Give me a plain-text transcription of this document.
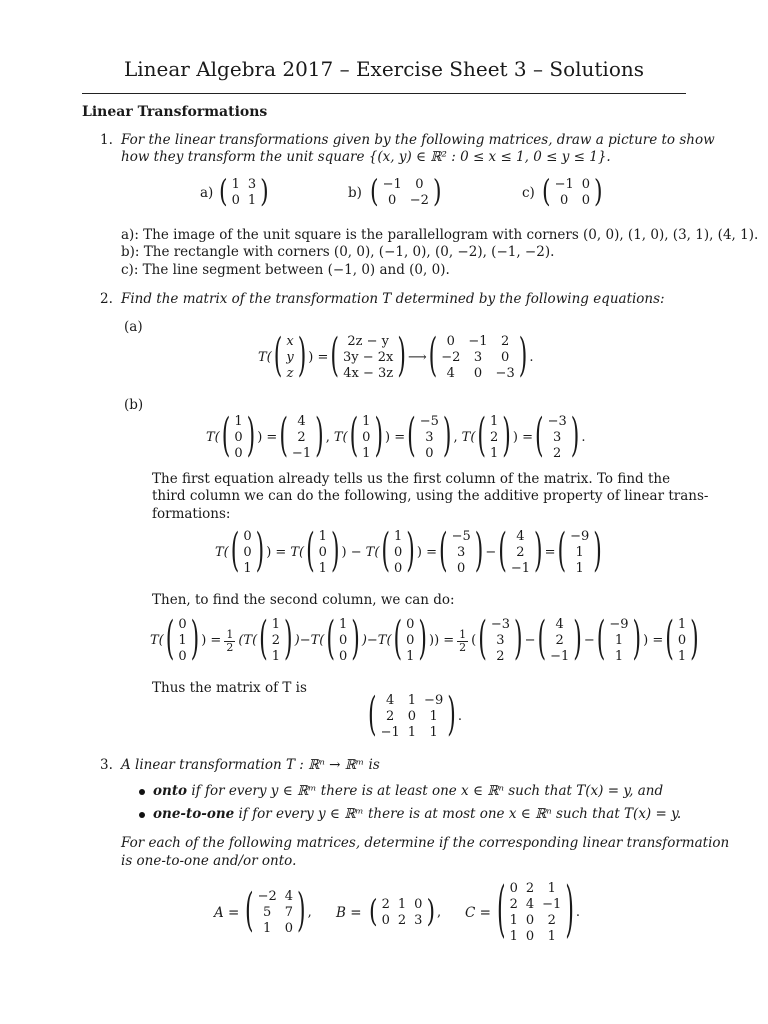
Linear Algebra 2017 – Exercise Sheet 3 – Solutions
Linear Transformations
1. For the linear transformations given by the following matrices, draw a picture to show
how they transform the unit square {(x, y) ∈ ℝ² : 0 ≤ x ≤ 1, 0 ≤ y ≤ 1}.
a)	b)	c)
a): The image of the unit square is the parallellogram with corners (0, 0), (1, 0), (3, 1), (4, 1).
b): The rectangle with corners (0, 0), (−1, 0), (0, −2), (−1, −2).
c): The line segment between (−1, 0) and (0, 0).
2. Find the matrix of the transformation T determined by the following equations:
(a)
(b)
The first equation already tells us the first column of the matrix. To find the
third column we can do the following, using the additive property of linear trans-
formations:
Then, to find the second column, we can do:
Thus the matrix of T is
3. A linear transformation T : ℝⁿ → ℝᵐ is
onto if for every y ∈ ℝᵐ there is at least one x ∈ ℝⁿ such that T(x) = y, and
one-to-one if for every y ∈ ℝᵐ there is at most one x ∈ ℝⁿ such that T(x) = y.
For each of the following matrices, determine if the corresponding linear transformation
is one-to-one and/or onto.
A =	B =	C =
( 1	3
0	1 )	( −1	0
0	−2 )	( −1	0
0	0 )
T( ( x
y
z ) ) = ( 2z − y
3y − 2x
4x − 3z ) ⟶ ( 0	−1	2
−2	3	0
4	0	−3 ) .
T( ( 1
0
0 ) ) = ( 4
2
−1 ) , T( ( 1
0
1 ) ) = ( −5
3
0 ) , T( ( 1
2
1 ) ) = ( −3
3
2 ) .
T( ( 0
0
1 ) ) = T( ( 1
0
1 ) ) − T( ( 1
0
0 ) ) = ( −5
3
0 ) − ( 4
2
−1 ) = ( −9
1
1 )
T( ( 0
1
0 ) ) = $\frac{1}{2} (T$( ( 1
2
1 ) )−T( ( 1
0
0 ) )−T( ( 0
0
1 ) )) = $\frac{1}{2}$ ( ( −3
3
2 ) − ( 4
2
−1 ) − ( −9
1
1 ) ) = ( 1
0
1 )
( 4	1	−9
2	0	1
−1	1	1 ) .
( −2	4
5	7
1	0 ) ,	( 2	1	0
0	2	3 ) ,	( 0	2	1
2	4	−1
1	0	2
1	0	1 ) .
